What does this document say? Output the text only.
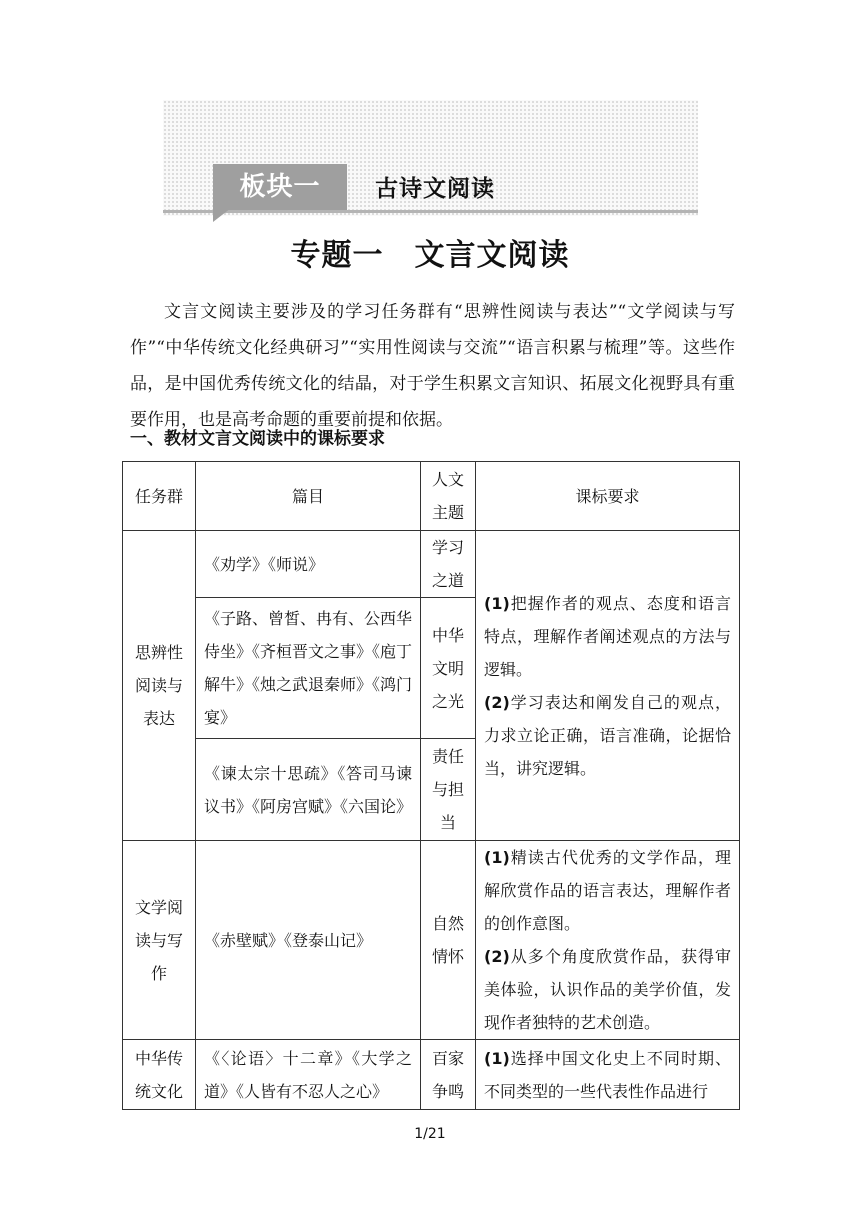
板块一	古诗文阅读
专题一　文言文阅读

文言文阅读主要涉及的学习任务群有“思辨性阅读与表达”“文学阅读与写作”“中华传统文化经典研习”“实用性阅读与交流”“语言积累与梳理”等。这些作品，是中国优秀传统文化的结晶，对于学生积累文言知识、拓展文化视野具有重要作用，也是高考命题的重要前提和依据。

一、教材文言文阅读中的课标要求
任务群	篇目	人文主题	课标要求
思辨性阅读与表达	《劝学》《师说》	学习之道	(1)把握作者的观点、态度和语言特点，理解作者阐述观点的方法与逻辑。
(2)学习表达和阐发自己的观点，力求立论正确，语言准确，论据恰当，讲究逻辑。

	《子路、曾皙、冉有、公西华侍坐》《齐桓晋文之事》《庖丁解牛》《烛之武退秦师》《鸿门宴》	中华文明之光	
	《谏太宗十思疏》《答司马谏议书》《阿房宫赋》《六国论》	责任与担当	
文学阅读与写作	《赤壁赋》《登泰山记》	自然情怀	(1)精读古代优秀的文学作品，理解欣赏作品的语言表达，理解作者的创作意图。
(2)从多个角度欣赏作品，获得审美体验，认识作品的美学价值，发现作者独特的艺术创造。

中华传统文化	《〈论语〉十二章》《大学之道》《人皆有不忍人之心》	百家争鸣	(1)选择中国文化史上不同时期、不同类型的一些代表性作品进行
1/21
